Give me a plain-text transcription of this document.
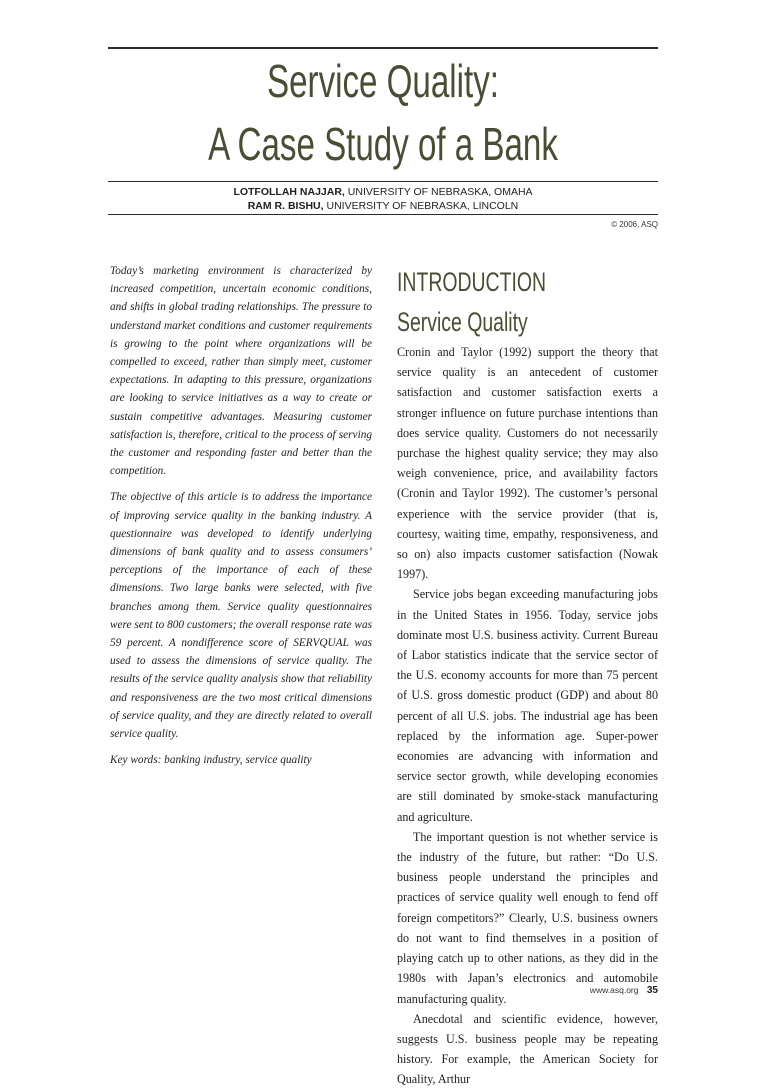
Service Quality:
A Case Study of a Bank
LOTFOLLAH NAJJAR, UNIVERSITY OF NEBRASKA, OMAHA
RAM R. BISHU, UNIVERSITY OF NEBRASKA, LINCOLN
© 2006, ASQ

Today’s marketing environment is characterized by increased competition, uncertain economic conditions, and shifts in global trading relationships. The pressure to understand market conditions and customer requirements is growing to the point where organizations will be compelled to exceed, rather than simply meet, customer expectations. In adapting to this pressure, organizations are looking to service initiatives as a way to create or sustain competitive advantages. Measuring customer satisfaction is, therefore, critical to the process of serving the customer and responding faster and better than the competition.

The objective of this article is to address the importance of improving service quality in the banking industry. A questionnaire was developed to identify underlying dimensions of bank quality and to assess consumers’ perceptions of the importance of each of these dimensions. Two large banks were selected, with five branches among them. Service quality questionnaires were sent to 800 customers; the overall response rate was 59 percent. A nondifference score of SERVQUAL was used to assess the dimensions of service quality. The results of the service quality analysis show that reliability and responsiveness are the two most critical dimensions of service quality, and they are directly related to overall service quality.

Key words: banking industry, service quality

INTRODUCTION
Service Quality

Cronin and Taylor (1992) support the theory that service quality is an antecedent of customer satisfaction and customer satisfaction exerts a stronger influence on future purchase intentions than does service quality. Customers do not necessarily purchase the highest quality service; they may also weigh convenience, price, and availability factors (Cronin and Taylor 1992). The customer’s personal experience with the service provider (that is, courtesy, waiting time, empathy, responsiveness, and so on) also impacts customer satisfaction (Nowak 1997).

Service jobs began exceeding manufacturing jobs in the United States in 1956. Today, service jobs dominate most U.S. business activity. Current Bureau of Labor statistics indicate that the service sector of the U.S. economy accounts for more than 75 percent of U.S. gross domestic product (GDP) and about 80 percent of all U.S. jobs. The industrial age has been replaced by the information age. Super-power economies are advancing with information and service sector growth, while developing economies are still dominated by smoke-stack manufacturing and agriculture.

The important question is not whether service is the industry of the future, but rather: “Do U.S. business people understand the principles and practices of service quality well enough to fend off foreign competitors?” Clearly, U.S. business owners do not want to find themselves in a position of playing catch up to other nations, as they did in the 1980s with Japan’s electronics and automobile manufacturing quality.

Anecdotal and scientific evidence, however, suggests U.S. business people may be repeating history. For example, the American Society for Quality, Arthur

www.asq.org 35
